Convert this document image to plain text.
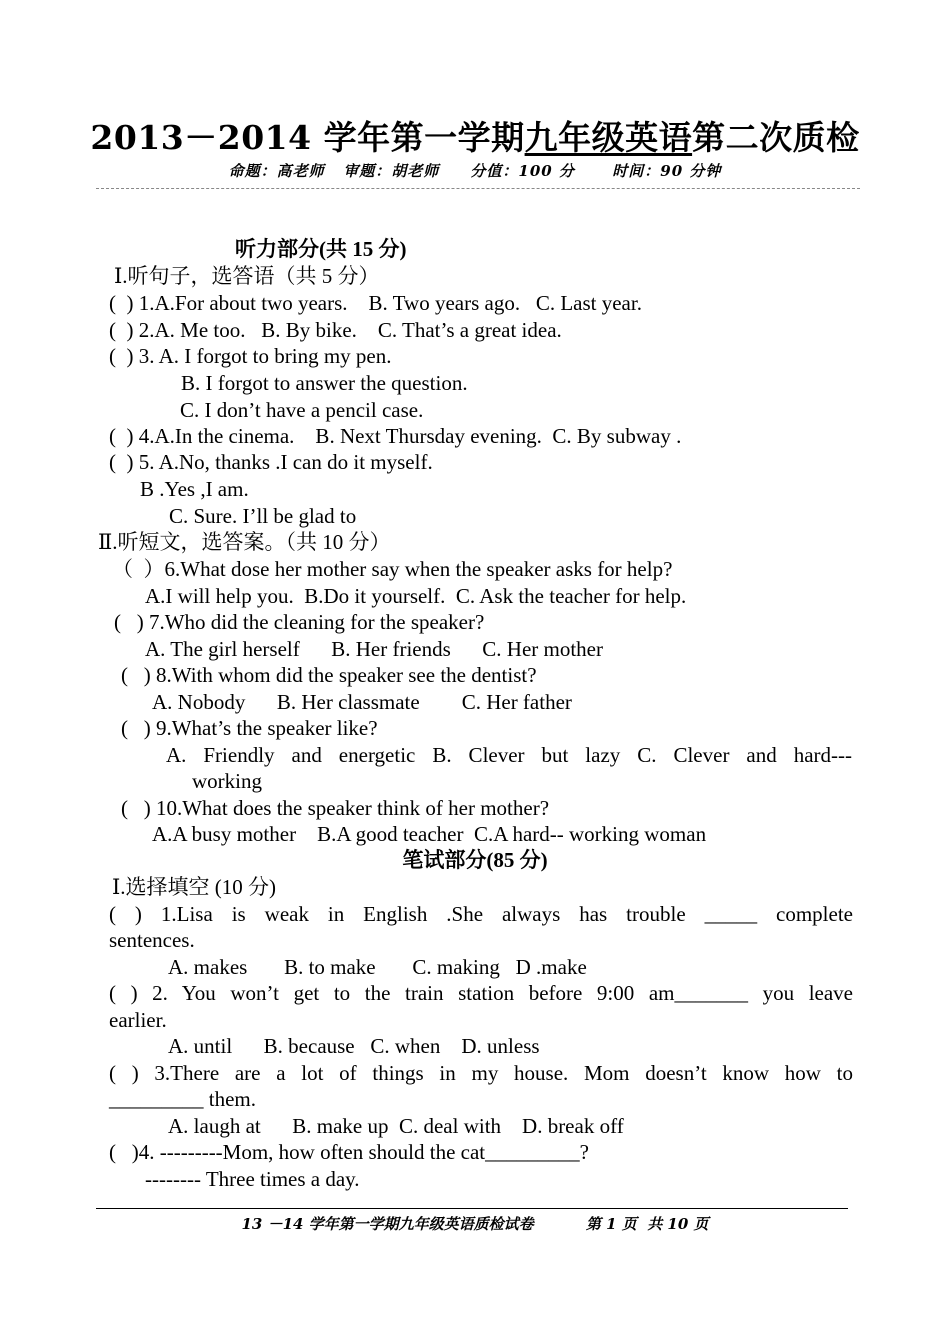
2013－2014 学年第一学期九年级英语第二次质检
命题：高老师   审题：胡老师     分值：100 分      时间：90 分钟
听力部分(共 15 分)
Ⅰ.听句子，选答语（共 5 分）
(  ) 1.A.For about two years.    B. Two years ago.   C. Last year.
(  ) 2.A. Me too.   B. By bike.    C. That’s a great idea.
(  ) 3. A. I forgot to bring my pen.
B. I forgot to answer the question.
C. I don’t have a pencil case.
(  ) 4.A.In the cinema.    B. Next Thursday evening.  C. By subway .
(  ) 5. A.No, thanks .I can do it myself.
B .Yes ,I am.
C. Sure. I’ll be glad to
Ⅱ.听短文，选答案。（共 10 分）
（  ）6.What dose her mother say when the speaker asks for help?
A.I will help you.  B.Do it yourself.  C. Ask the teacher for help.
(   ) 7.Who did the cleaning for the speaker?
A. The girl herself      B. Her friends      C. Her mother
(   ) 8.With whom did the speaker see the dentist?
A. Nobody      B. Her classmate        C. Her father
(   ) 9.What’s the speaker like?
A. Friendly and energetic B. Clever but lazy C. Clever and hard---
working
(   ) 10.What does the speaker think of her mother?
A.A busy mother    B.A good teacher  C.A hard-- working woman
笔试部分(85 分)
Ⅰ.选择填空 (10 分)
( ) 1.Lisa is weak in English .She always has trouble _____ complete
sentences.
A. makes       B. to make       C. making   D .make
( ) 2. You won’t get to the train station before 9:00 am_______ you leave
earlier.
A. until      B. because   C. when    D. unless
( ) 3.There are a lot of things in my house. Mom doesn’t know how to
_________ them.
A. laugh at      B. make up  C. deal with    D. break off
(   )4. ---------Mom, how often should the cat_________?
-------- Three times a day.
13 －14 学年第一学期九年级英语质检试卷          第 1 页  共 10 页
